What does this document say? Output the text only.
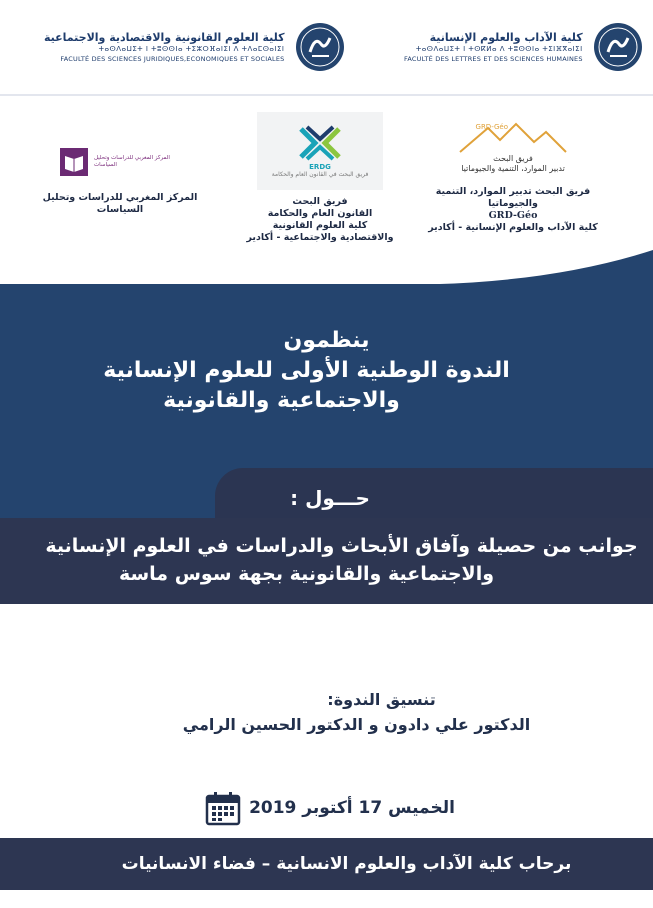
كلية العلوم القانونية والاقتصادية والاجتماعية
ⵜⴰⵙⴷⴰⵡⵉⵜ ⵏ ⵜⵓⵙⵙⵏⴰ ⵜⵉⵣⵔⴼⴰⵏⵉⵏ ⴷ ⵜⴷⴰⵎⵙⴰⵏⵉⵏ
FACULTÉ DES SCIENCES JURIDIQUES,ECONOMIQUES ET SOCIALES
كلية الآداب والعلوم الإنسانية
ⵜⴰⵙⴷⴰⵡⵉⵜ ⵏ ⵜⵙⴽⵍⴰ ⴷ ⵜⵓⵙⵙⵏⴰ ⵜⵉⵏⴼⴳⴰⵏⵉⵏ
FACULTÉ DES LETTRES ET DES SCIENCES HUMAINES
المركز المغربي للدراسات وتحليل السياسات
المركز المغربي للدراسات وتحليل
السياسات
ERDG
فريق البحث في القانون العام والحكامة
فريق البحث
القانون العام والحكامة
كلية العلوم القانونية
والاقتصادية والاجتماعية - أكادير
GRD-Géo
فريق البحث
تدبير الموارد، التنمية والجيوماتيا
فريق البحث تدبير الموارد، التنمية والجيوماتيا
GRD-Géo
كلية الآداب والعلوم الإنسانية - أكادير
ينظمون
الندوة الوطنية الأولى للعلوم الإنسانية
والاجتماعية والقانونية
حـــول :
جوانب من حصيلة وآفاق الأبحاث والدراسات في العلوم الإنسانية
والاجتماعية والقانونية بجهة سوس ماسة
تنسيق الندوة:
الدكتور علي دادون و الدكتور الحسين الرامي
الخميس 17 أكتوبر 2019
برحاب كلية الآداب والعلوم الانسانية – فضاء الانسانيات
